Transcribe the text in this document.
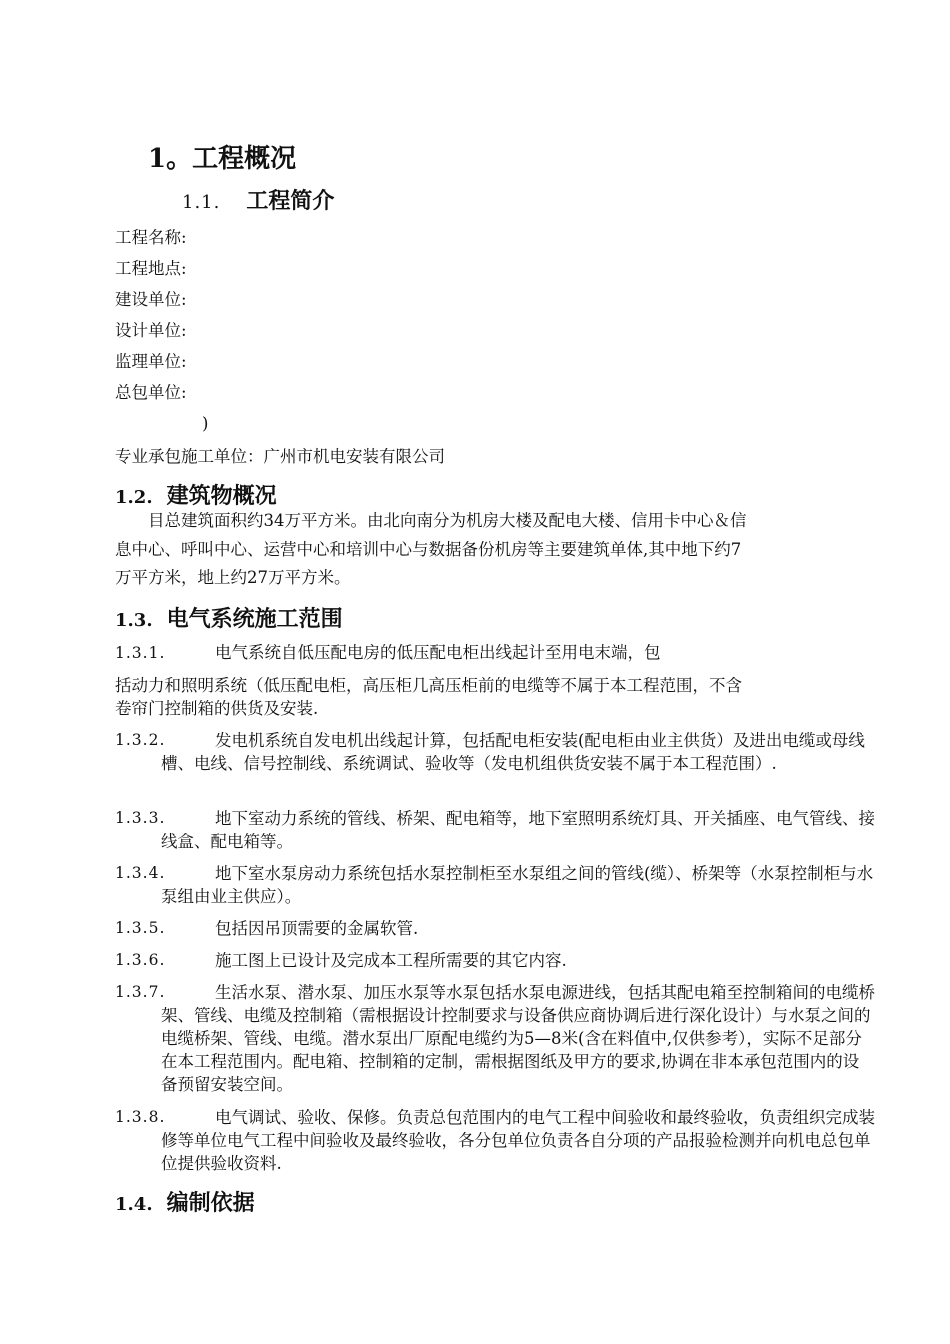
1。工程概况
1.1. 工程简介
工程名称:
工程地点:
建设单位:
设计单位:
监理单位:
总包单位:
)
专业承包施工单位：广州市机电安装有限公司
1.2. 建筑物概况
目总建筑面积约34万平方米。由北向南分为机房大楼及配电大楼、信用卡中心＆信
息中心、呼叫中心、运营中心和培训中心与数据备份机房等主要建筑单体,其中地下约7
万平方米，地上约27万平方米。
1.3. 电气系统施工范围
1.3.1.	电气系统自低压配电房的低压配电柜出线起计至用电末端，包
括动力和照明系统（低压配电柜，高压柜几高压柜前的电缆等不属于本工程范围，不含
卷帘门控制箱的供货及安装.
1.3.2.	发电机系统自发电机出线起计算，包括配电柜安装(配电柜由业主供货）及进出电缆或母线槽、电线、信号控制线、系统调试、验收等（发电机组供货安装不属于本工程范围）.
1.3.3.	地下室动力系统的管线、桥架、配电箱等，地下室照明系统灯具、开关插座、电气管线、接线盒、配电箱等。
1.3.4.	地下室水泵房动力系统包括水泵控制柜至水泵组之间的管线(缆）、桥架等（水泵控制柜与水泵组由业主供应）。
1.3.5.	包括因吊顶需要的金属软管.
1.3.6.	施工图上已设计及完成本工程所需要的其它内容.
1.3.7.	生活水泵、潜水泵、加压水泵等水泵包括水泵电源进线，包括其配电箱至控制箱间的电缆桥架、管线、电缆及控制箱（需根据设计控制要求与设备供应商协调后进行深化设计）与水泵之间的电缆桥架、管线、电缆。潜水泵出厂原配电缆约为5—8米(含在料值中,仅供参考），实际不足部分在本工程范围内。配电箱、控制箱的定制，需根据图纸及甲方的要求,协调在非本承包范围内的设备预留安装空间。
1.3.8.	电气调试、验收、保修。负责总包范围内的电气工程中间验收和最终验收，负责组织完成装修等单位电气工程中间验收及最终验收，各分包单位负责各自分项的产品报验检测并向机电总包单位提供验收资料.
1.4. 编制依据
